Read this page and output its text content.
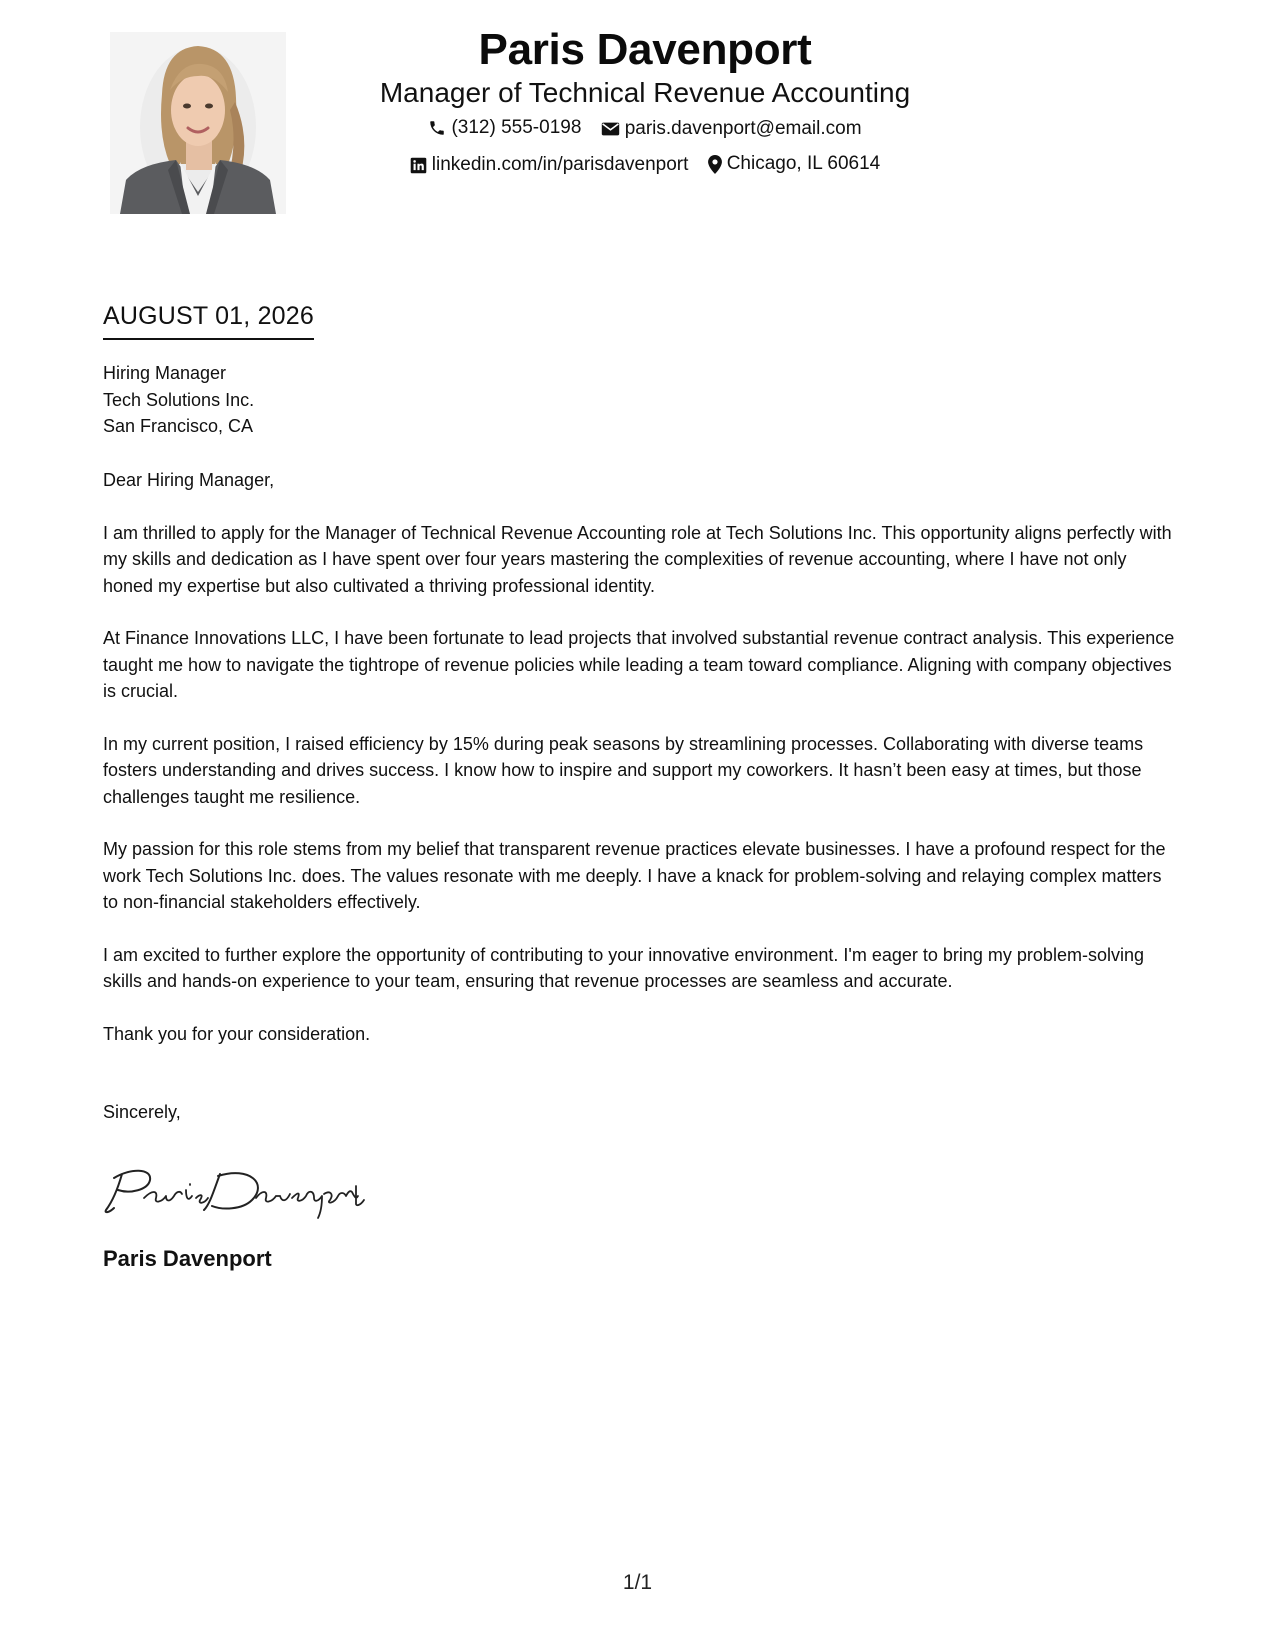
Paris Davenport
Manager of Technical Revenue Accounting
(312) 555-0198
paris.davenport@email.com
linkedin.com/in/parisdavenport
Chicago, IL 60614
AUGUST 01, 2026
Hiring Manager
Tech Solutions Inc.
San Francisco, CA
Dear Hiring Manager,

I am thrilled to apply for the Manager of Technical Revenue Accounting role at Tech Solutions Inc. This opportunity aligns perfectly with my skills and dedication as I have spent over four years mastering the complexities of revenue accounting, where I have not only honed my expertise but also cultivated a thriving professional identity.

At Finance Innovations LLC, I have been fortunate to lead projects that involved substantial revenue contract analysis. This experience taught me how to navigate the tightrope of revenue policies while leading a team toward compliance. Aligning with company objectives is crucial.

In my current position, I raised efficiency by 15% during peak seasons by streamlining processes. Collaborating with diverse teams fosters understanding and drives success. I know how to inspire and support my coworkers. It hasn’t been easy at times, but those challenges taught me resilience.

My passion for this role stems from my belief that transparent revenue practices elevate businesses. I have a profound respect for the work Tech Solutions Inc. does. The values resonate with me deeply. I have a knack for problem-solving and relaying complex matters to non-financial stakeholders effectively.

I am excited to further explore the opportunity of contributing to your innovative environment. I'm eager to bring my problem-solving skills and hands-on experience to your team, ensuring that revenue processes are seamless and accurate.

Thank you for your consideration.

Sincerely,
Paris Davenport
1/1
